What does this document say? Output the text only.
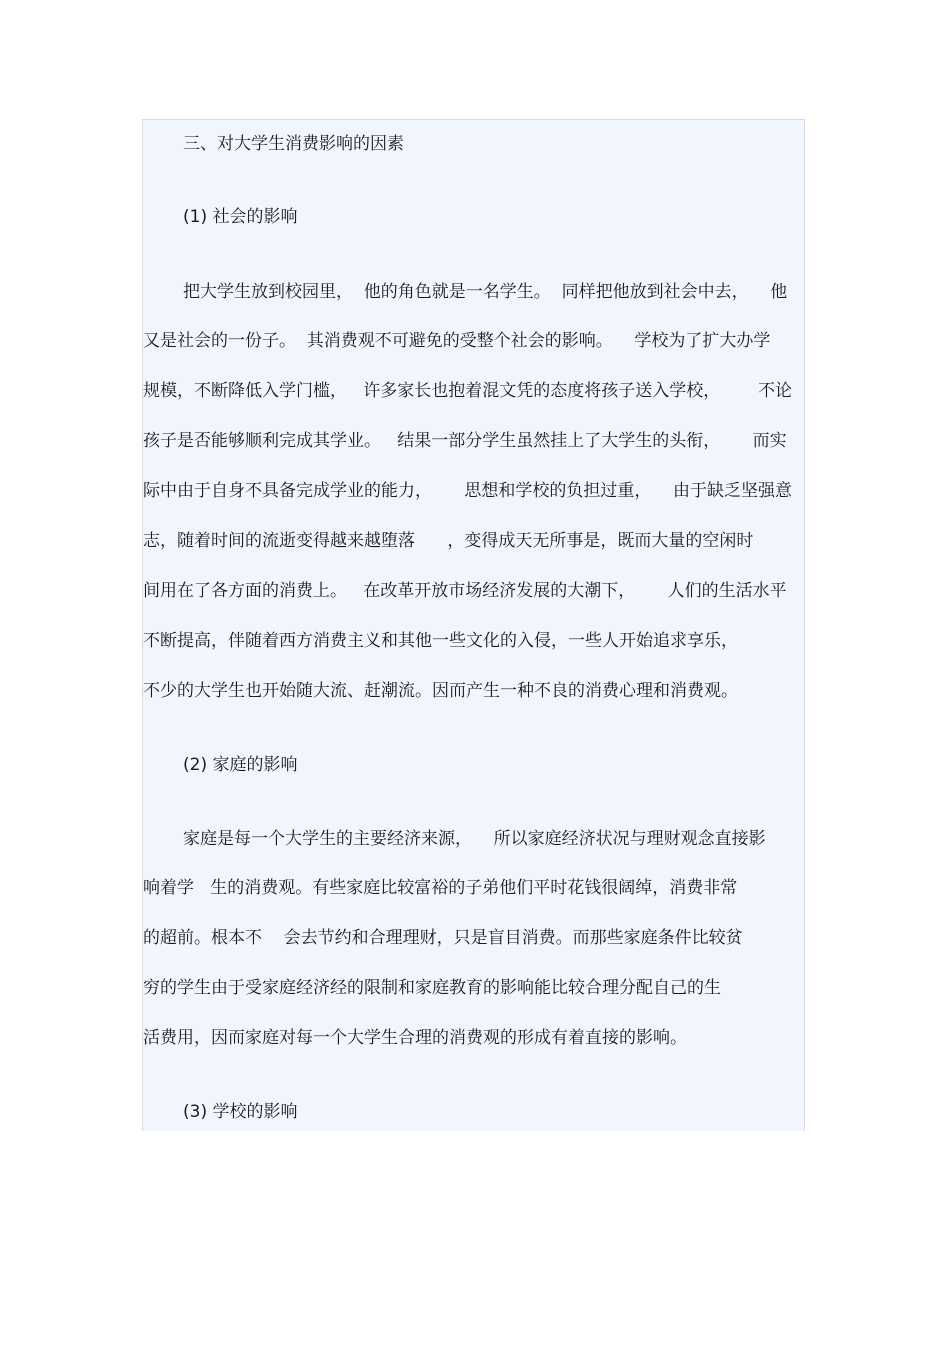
三、对大学生消费影响的因素
(1) 社会的影响
把大学生放到校园里，  他的角色就是一名学生。  同样把他放到社会中去，    他
又是社会的一份子。  其消费观不可避免的受整个社会的影响。    学校为了扩大办学
规模，不断降低入学门槛，   许多家长也抱着混文凭的态度将孩子送入学校，       不论
孩子是否能够顺利完成其学业。   结果一部分学生虽然挂上了大学生的头衔，      而实
际中由于自身不具备完成学业的能力，      思想和学校的负担过重，    由于缺乏坚强意
志，随着时间的流逝变得越来越堕落      ，变得成天无所事是，既而大量的空闲时
间用在了各方面的消费上。   在改革开放市场经济发展的大潮下，      人们的生活水平
不断提高，伴随着西方消费主义和其他一些文化的入侵，一些人开始追求享乐，
不少的大学生也开始随大流、赶潮流。因而产生一种不良的消费心理和消费观。
(2) 家庭的影响
家庭是每一个大学生的主要经济来源，    所以家庭经济状况与理财观念直接影
响着学   生的消费观。有些家庭比较富裕的子弟他们平时花钱很阔绰，消费非常
的超前。根本不    会去节约和合理理财，只是盲目消费。而那些家庭条件比较贫
穷的学生由于受家庭经济经的限制和家庭教育的影响能比较合理分配自己的生
活费用，因而家庭对每一个大学生合理的消费观的形成有着直接的影响。
(3) 学校的影响
